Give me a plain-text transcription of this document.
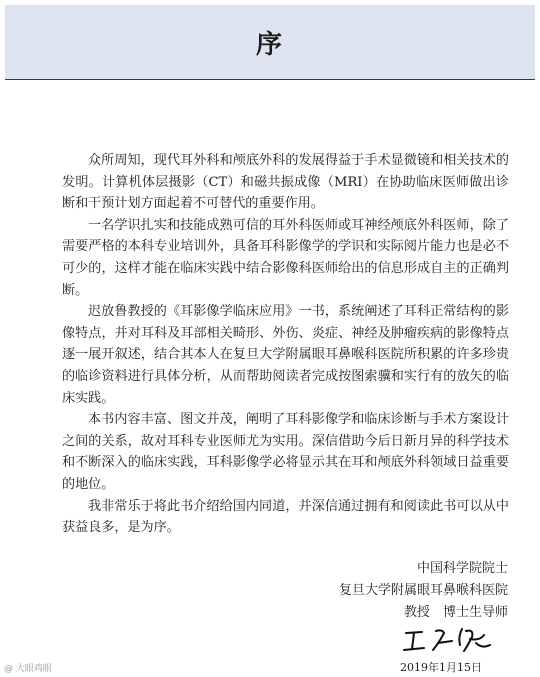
序

众所周知，现代耳外科和颅底外科的发展得益于手术显微镜和相关技术的发明。计算机体层摄影（CT）和磁共振成像（MRI）在协助临床医师做出诊断和干预计划方面起着不可替代的重要作用。

一名学识扎实和技能成熟可信的耳外科医师或耳神经颅底外科医师，除了需要严格的本科专业培训外，具备耳科影像学的学识和实际阅片能力也是必不可少的，这样才能在临床实践中结合影像科医师给出的信息形成自主的正确判断。

迟放鲁教授的《耳影像学临床应用》一书，系统阐述了耳科正常结构的影像特点，并对耳科及耳部相关畸形、外伤、炎症、神经及肿瘤疾病的影像特点逐一展开叙述，结合其本人在复旦大学附属眼耳鼻喉科医院所积累的许多珍贵的临诊资料进行具体分析，从而帮助阅读者完成按图索骥和实行有的放矢的临床实践。

本书内容丰富、图文并茂，阐明了耳科影像学和临床诊断与手术方案设计之间的关系，故对耳科专业医师尤为实用。深信借助今后日新月异的科学技术和不断深入的临床实践，耳科影像学必将显示其在耳和颅底外科领域日益重要的地位。

我非常乐于将此书介绍给国内同道，并深信通过拥有和阅读此书可以从中获益良多，是为序。

中国科学院院士
复旦大学附属眼耳鼻喉科医院
教授　博士生导师
2019年1月15日
@ 大眼鸡眼
